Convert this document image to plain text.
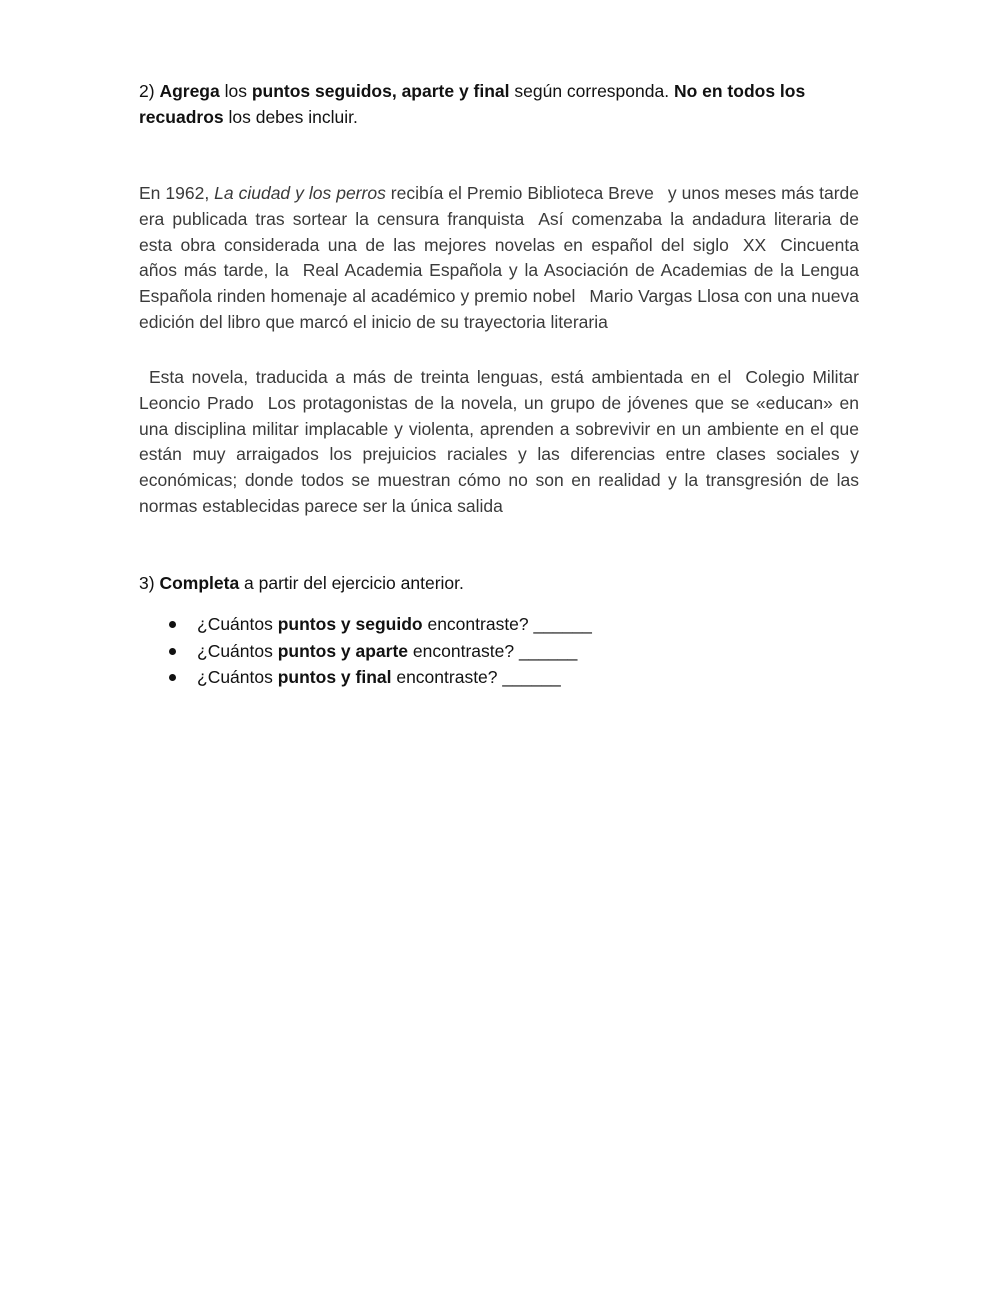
2) Agrega los puntos seguidos, aparte y final según corresponda. No en todos los recuadros los debes incluir.
En 1962, La ciudad y los perros recibía el Premio Biblioteca Breve y unos meses más tarde era publicada tras sortear la censura franquista Así comenzaba la andadura literaria de esta obra considerada una de las mejores novelas en español del siglo XX Cincuenta años más tarde, la Real Academia Española y la Asociación de Academias de la Lengua Española rinden homenaje al académico y premio nobel Mario Vargas Llosa con una nueva edición del libro que marcó el inicio de su trayectoria literaria
Esta novela, traducida a más de treinta lenguas, está ambientada en el Colegio Militar Leoncio Prado Los protagonistas de la novela, un grupo de jóvenes que se «educan» en una disciplina militar implacable y violenta, aprenden a sobrevivir en un ambiente en el que están muy arraigados los prejuicios raciales y las diferencias entre clases sociales y económicas; donde todos se muestran cómo no son en realidad y la transgresión de las normas establecidas parece ser la única salida
3) Completa a partir del ejercicio anterior.
¿Cuántos puntos y seguido encontraste? ______
¿Cuántos puntos y aparte encontraste? ______
¿Cuántos puntos y final encontraste? ______
